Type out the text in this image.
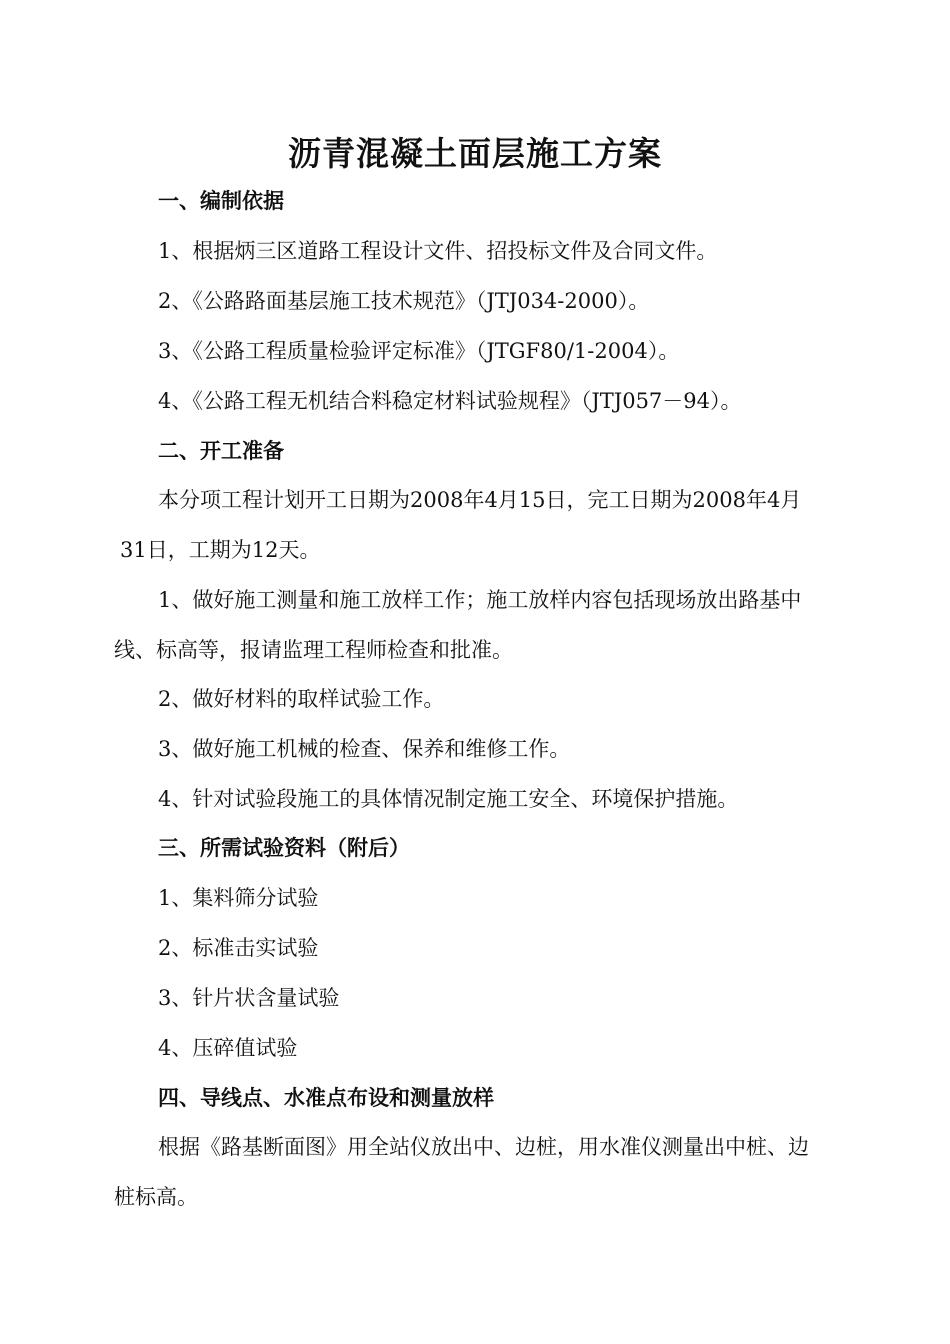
沥青混凝土面层施工方案
一、编制依据
1、根据炳三区道路工程设计文件、招投标文件及合同文件。
2、《公路路面基层施工技术规范》（JTJ034-2000）。
3、《公路工程质量检验评定标准》（JTGF80/1-2004）。
4、《公路工程无机结合料稳定材料试验规程》（JTJ057－94）。
二、开工准备
本分项工程计划开工日期为2008年4月15日，完工日期为2008年4月
31日，工期为12天。
1、做好施工测量和施工放样工作；施工放样内容包括现场放出路基中
线、标高等，报请监理工程师检查和批准。
2、做好材料的取样试验工作。
3、做好施工机械的检查、保养和维修工作。
4、针对试验段施工的具体情况制定施工安全、环境保护措施。
三、所需试验资料（附后）
1、集料筛分试验
2、标准击实试验
3、针片状含量试验
4、压碎值试验
四、导线点、水准点布设和测量放样
根据《路基断面图》用全站仪放出中、边桩，用水准仪测量出中桩、边
桩标高。
